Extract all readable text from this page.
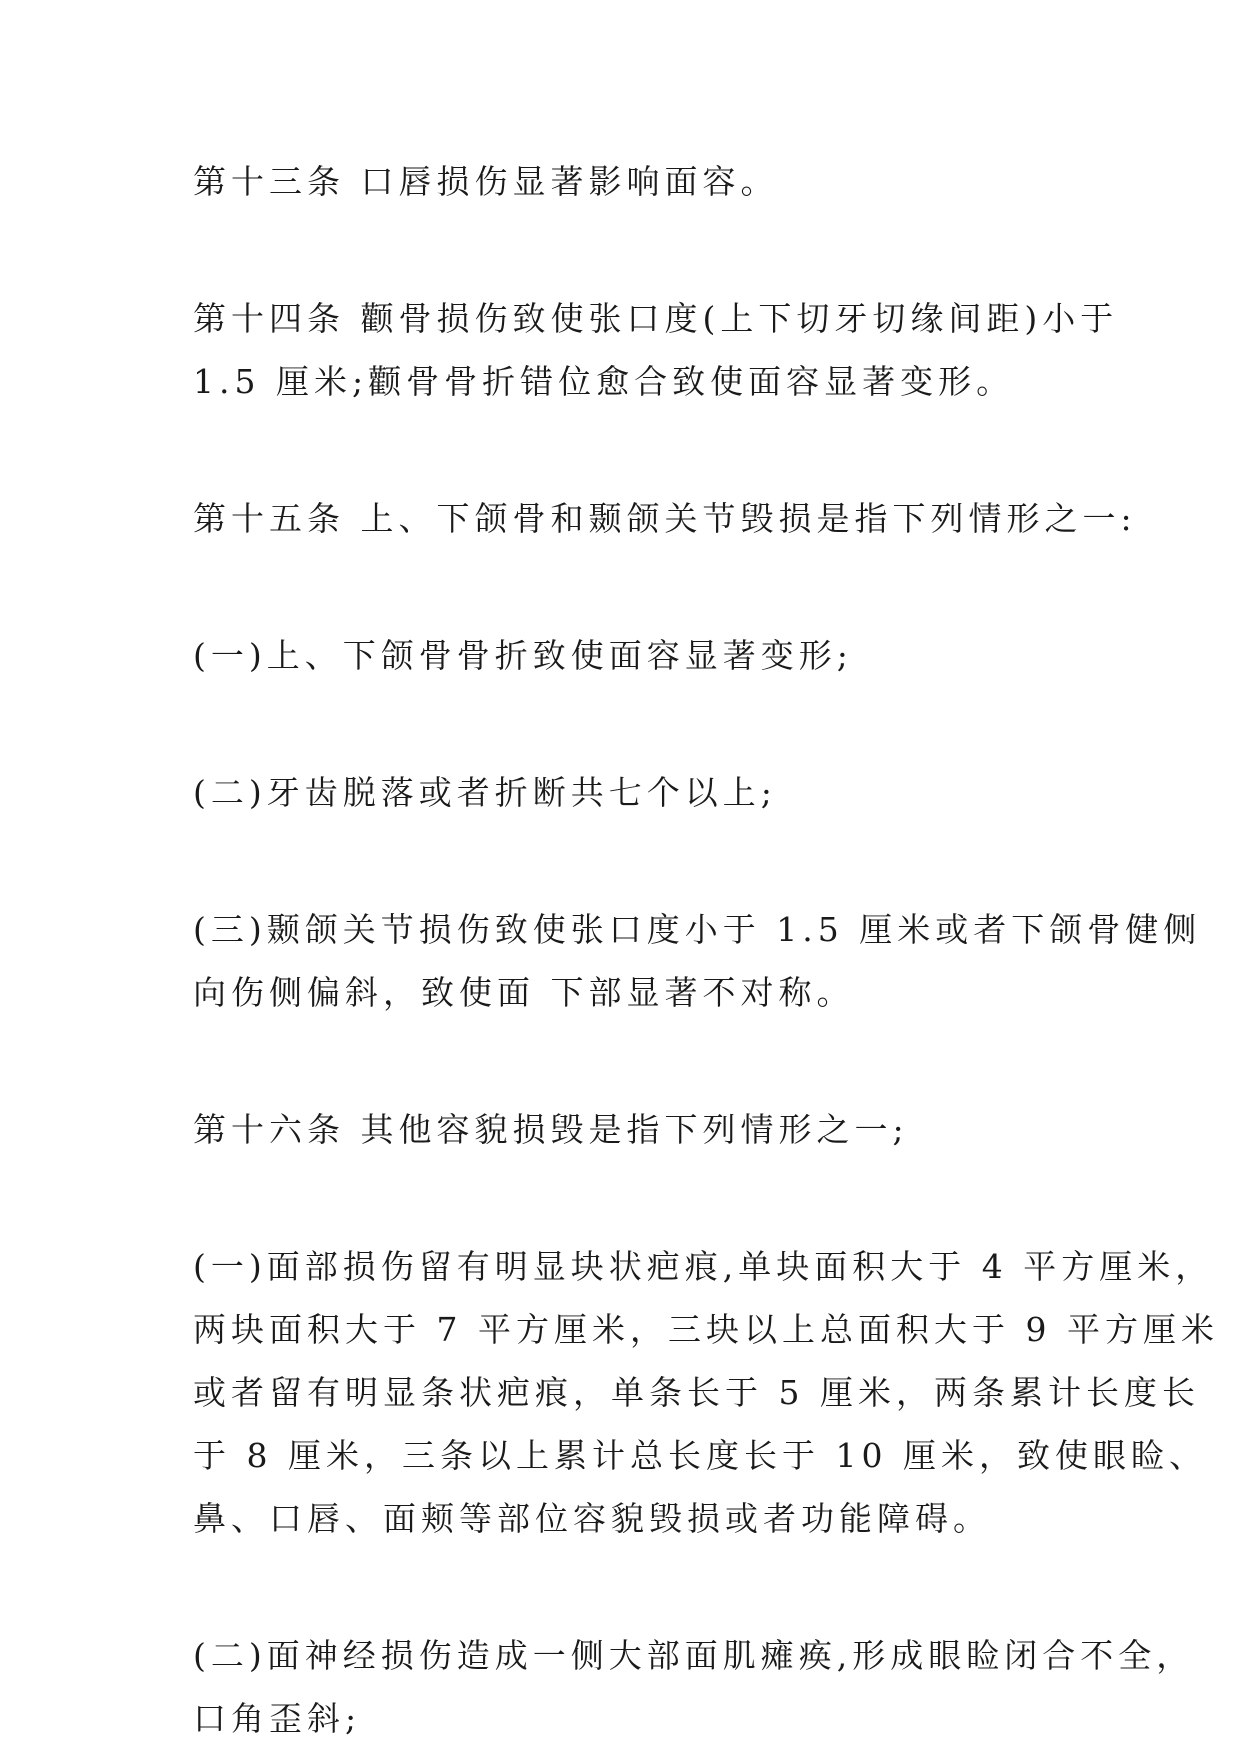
第十三条 口唇损伤显著影响面容。

第十四条 颧骨损伤致使张口度(上下切牙切缘间距)小于
1.5 厘米;颧骨骨折错位愈合致使面容显著变形。

第十五条 上、下颌骨和颞颌关节毁损是指下列情形之一:

(一)上、下颌骨骨折致使面容显著变形;

(二)牙齿脱落或者折断共七个以上;

(三)颞颌关节损伤致使张口度小于 1.5 厘米或者下颌骨健侧
向伤侧偏斜，致使面 下部显著不对称。

第十六条 其他容貌损毁是指下列情形之一;

(一)面部损伤留有明显块状疤痕,单块面积大于 4 平方厘米，
两块面积大于 7 平方厘米，三块以上总面积大于 9 平方厘米
或者留有明显条状疤痕，单条长于 5 厘米，两条累计长度长
于 8 厘米，三条以上累计总长度长于 10 厘米，致使眼睑、
鼻、口唇、面颊等部位容貌毁损或者功能障碍。

(二)面神经损伤造成一侧大部面肌瘫痪,形成眼睑闭合不全，
口角歪斜;
